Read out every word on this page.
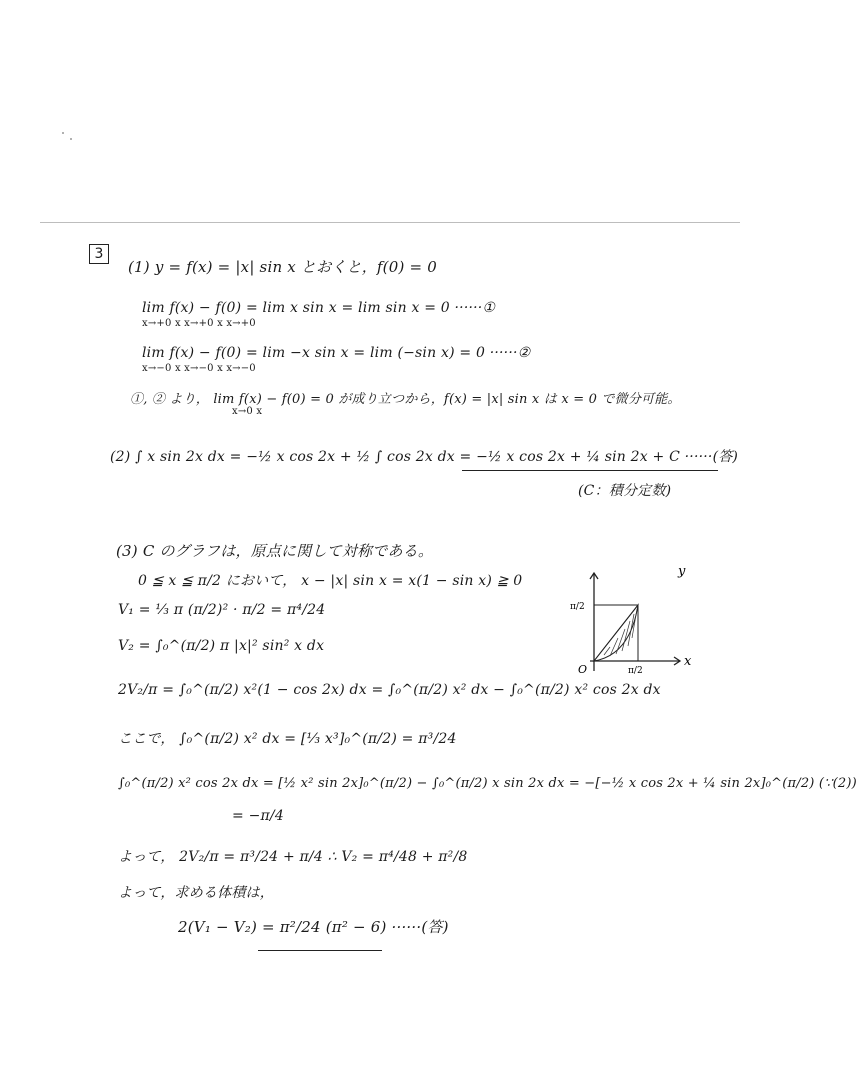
3
(1) y = f(x) = |x| sin x とおくと，f(0) = 0
lim f(x) − f(0) = lim x sin x = lim sin x = 0 ······①
x→+0 x x→+0 x x→+0
lim f(x) − f(0) = lim −x sin x = lim (−sin x) = 0 ······②
x→−0 x x→−0 x x→−0
①, ② より， lim f(x) − f(0) = 0 が成り立つから，f(x) = |x| sin x は x = 0 で微分可能。
x→0 x
(2) ∫ x sin 2x dx = −½ x cos 2x + ½ ∫ cos 2x dx = −½ x cos 2x + ¼ sin 2x + C ······(答)
(C：積分定数)
(3) C のグラフは，原点に関して対称である。
0 ≦ x ≦ π/2 において， x − |x| sin x = x(1 − sin x) ≧ 0
V₁ = ⅓ π (π/2)² · π/2 = π⁴/24
V₂ = ∫₀^(π/2) π |x|² sin² x dx
2V₂/π = ∫₀^(π/2) x²(1 − cos 2x) dx = ∫₀^(π/2) x² dx − ∫₀^(π/2) x² cos 2x dx
ここで， ∫₀^(π/2) x² dx = [⅓ x³]₀^(π/2) = π³/24
∫₀^(π/2) x² cos 2x dx = [½ x² sin 2x]₀^(π/2) − ∫₀^(π/2) x sin 2x dx = −[−½ x cos 2x + ¼ sin 2x]₀^(π/2) (∵(2))
= −π/4
よって， 2V₂/π = π³/24 + π/4 ∴ V₂ = π⁴/48 + π²/8
よって，求める体積は，
2(V₁ − V₂) = π²/24 (π² − 6) ······(答)
y
x
O
π/2
π/2
